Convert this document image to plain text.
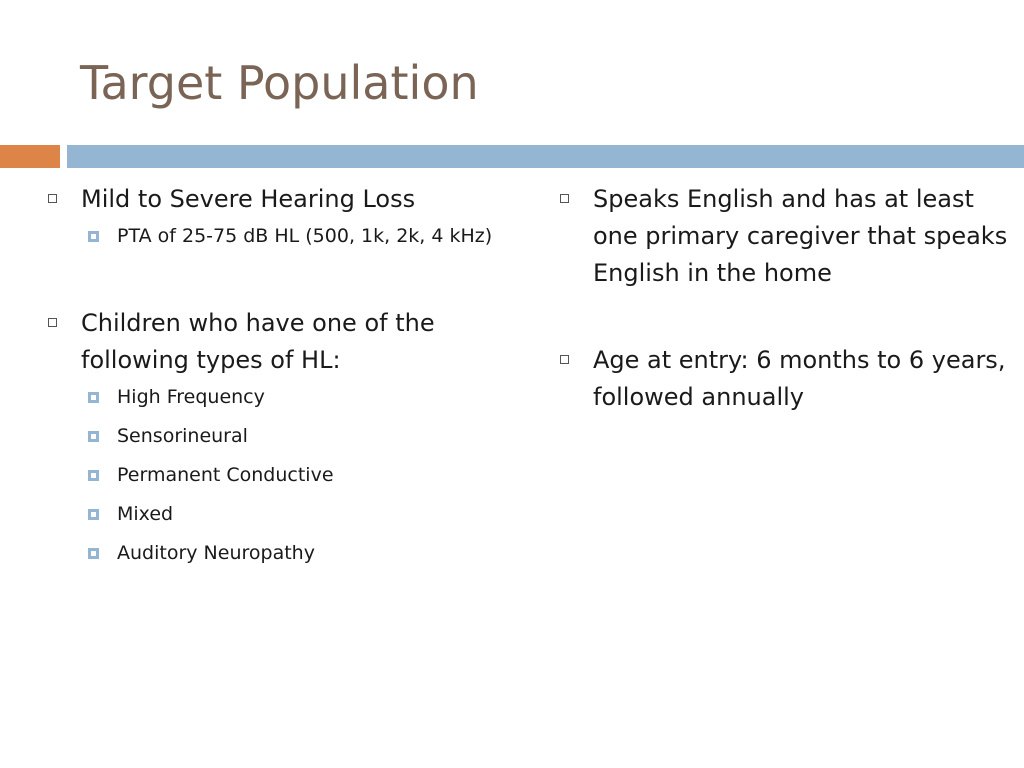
Target Population
Mild to Severe Hearing Loss
PTA of 25-75 dB HL (500, 1k, 2k, 4 kHz)
Children who have one of the following types of HL:
High Frequency
Sensorineural
Permanent Conductive
Mixed
Auditory Neuropathy
Speaks English and has at least one primary caregiver that speaks English in the home
Age at entry: 6 months to 6 years, followed annually
